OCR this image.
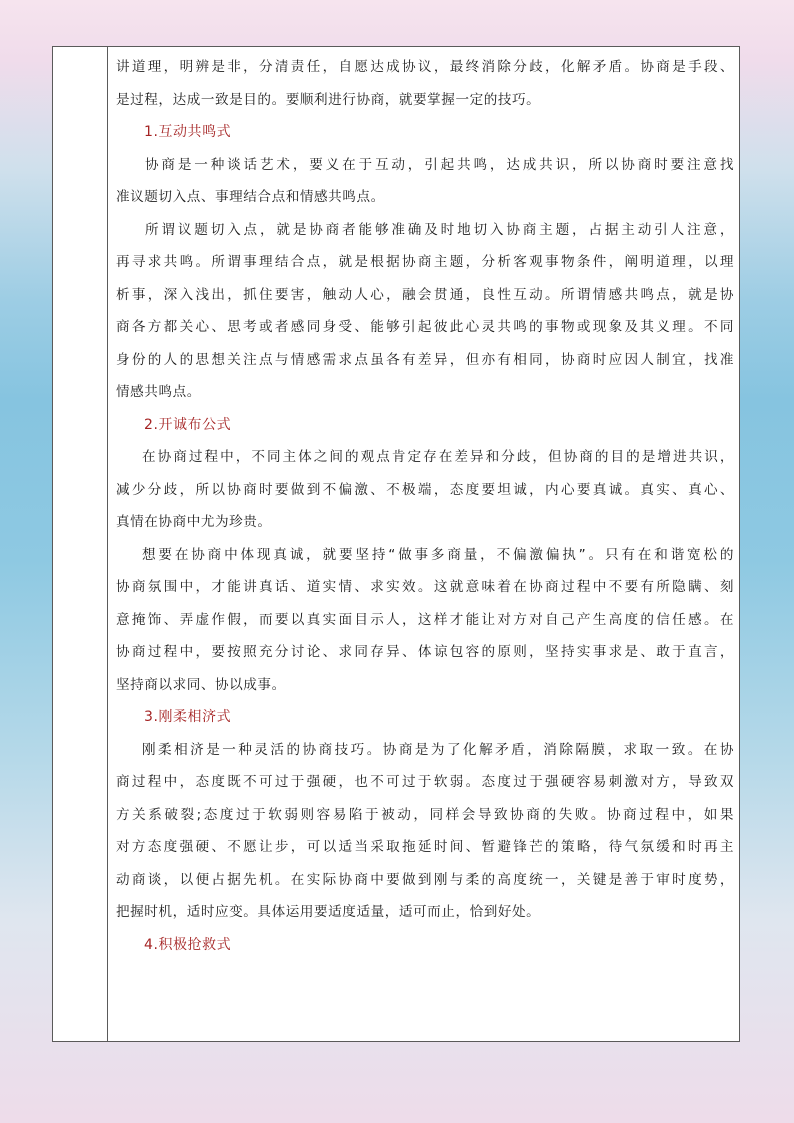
讲道理，明辨是非，分清责任，自愿达成协议，最终消除分歧，化解矛盾。协商是手段、
是过程，达成一致是目的。要顺利进行协商，就要掌握一定的技巧。
1.互动共鸣式
协商是一种谈话艺术，要义在于互动，引起共鸣，达成共识，所以协商时要注意找
准议题切入点、事理结合点和情感共鸣点。
所谓议题切入点，就是协商者能够准确及时地切入协商主题，占据主动引人注意，
再寻求共鸣。所谓事理结合点，就是根据协商主题，分析客观事物条件，阐明道理，以理
析事，深入浅出，抓住要害，触动人心，融会贯通，良性互动。所谓情感共鸣点，就是协
商各方都关心、思考或者感同身受、能够引起彼此心灵共鸣的事物或现象及其义理。不同
身份的人的思想关注点与情感需求点虽各有差异，但亦有相同，协商时应因人制宜，找准
情感共鸣点。
2.开诚布公式
在协商过程中，不同主体之间的观点肯定存在差异和分歧，但协商的目的是增进共识，
减少分歧，所以协商时要做到不偏激、不极端，态度要坦诚，内心要真诚。真实、真心、
真情在协商中尤为珍贵。
想要在协商中体现真诚，就要坚持“做事多商量，不偏激偏执”。只有在和谐宽松的
协商氛围中，才能讲真话、道实情、求实效。这就意味着在协商过程中不要有所隐瞒、刻
意掩饰、弄虚作假，而要以真实面目示人，这样才能让对方对自己产生高度的信任感。在
协商过程中，要按照充分讨论、求同存异、体谅包容的原则，坚持实事求是、敢于直言，
坚持商以求同、协以成事。
3.刚柔相济式
刚柔相济是一种灵活的协商技巧。协商是为了化解矛盾，消除隔膜，求取一致。在协
商过程中，态度既不可过于强硬，也不可过于软弱。态度过于强硬容易刺激对方，导致双
方关系破裂;态度过于软弱则容易陷于被动，同样会导致协商的失败。协商过程中，如果
对方态度强硬、不愿让步，可以适当采取拖延时间、暂避锋芒的策略，待气氛缓和时再主
动商谈，以便占据先机。在实际协商中要做到刚与柔的高度统一，关键是善于审时度势，
把握时机，适时应变。具体运用要适度适量，适可而止，恰到好处。
4.积极抢救式
